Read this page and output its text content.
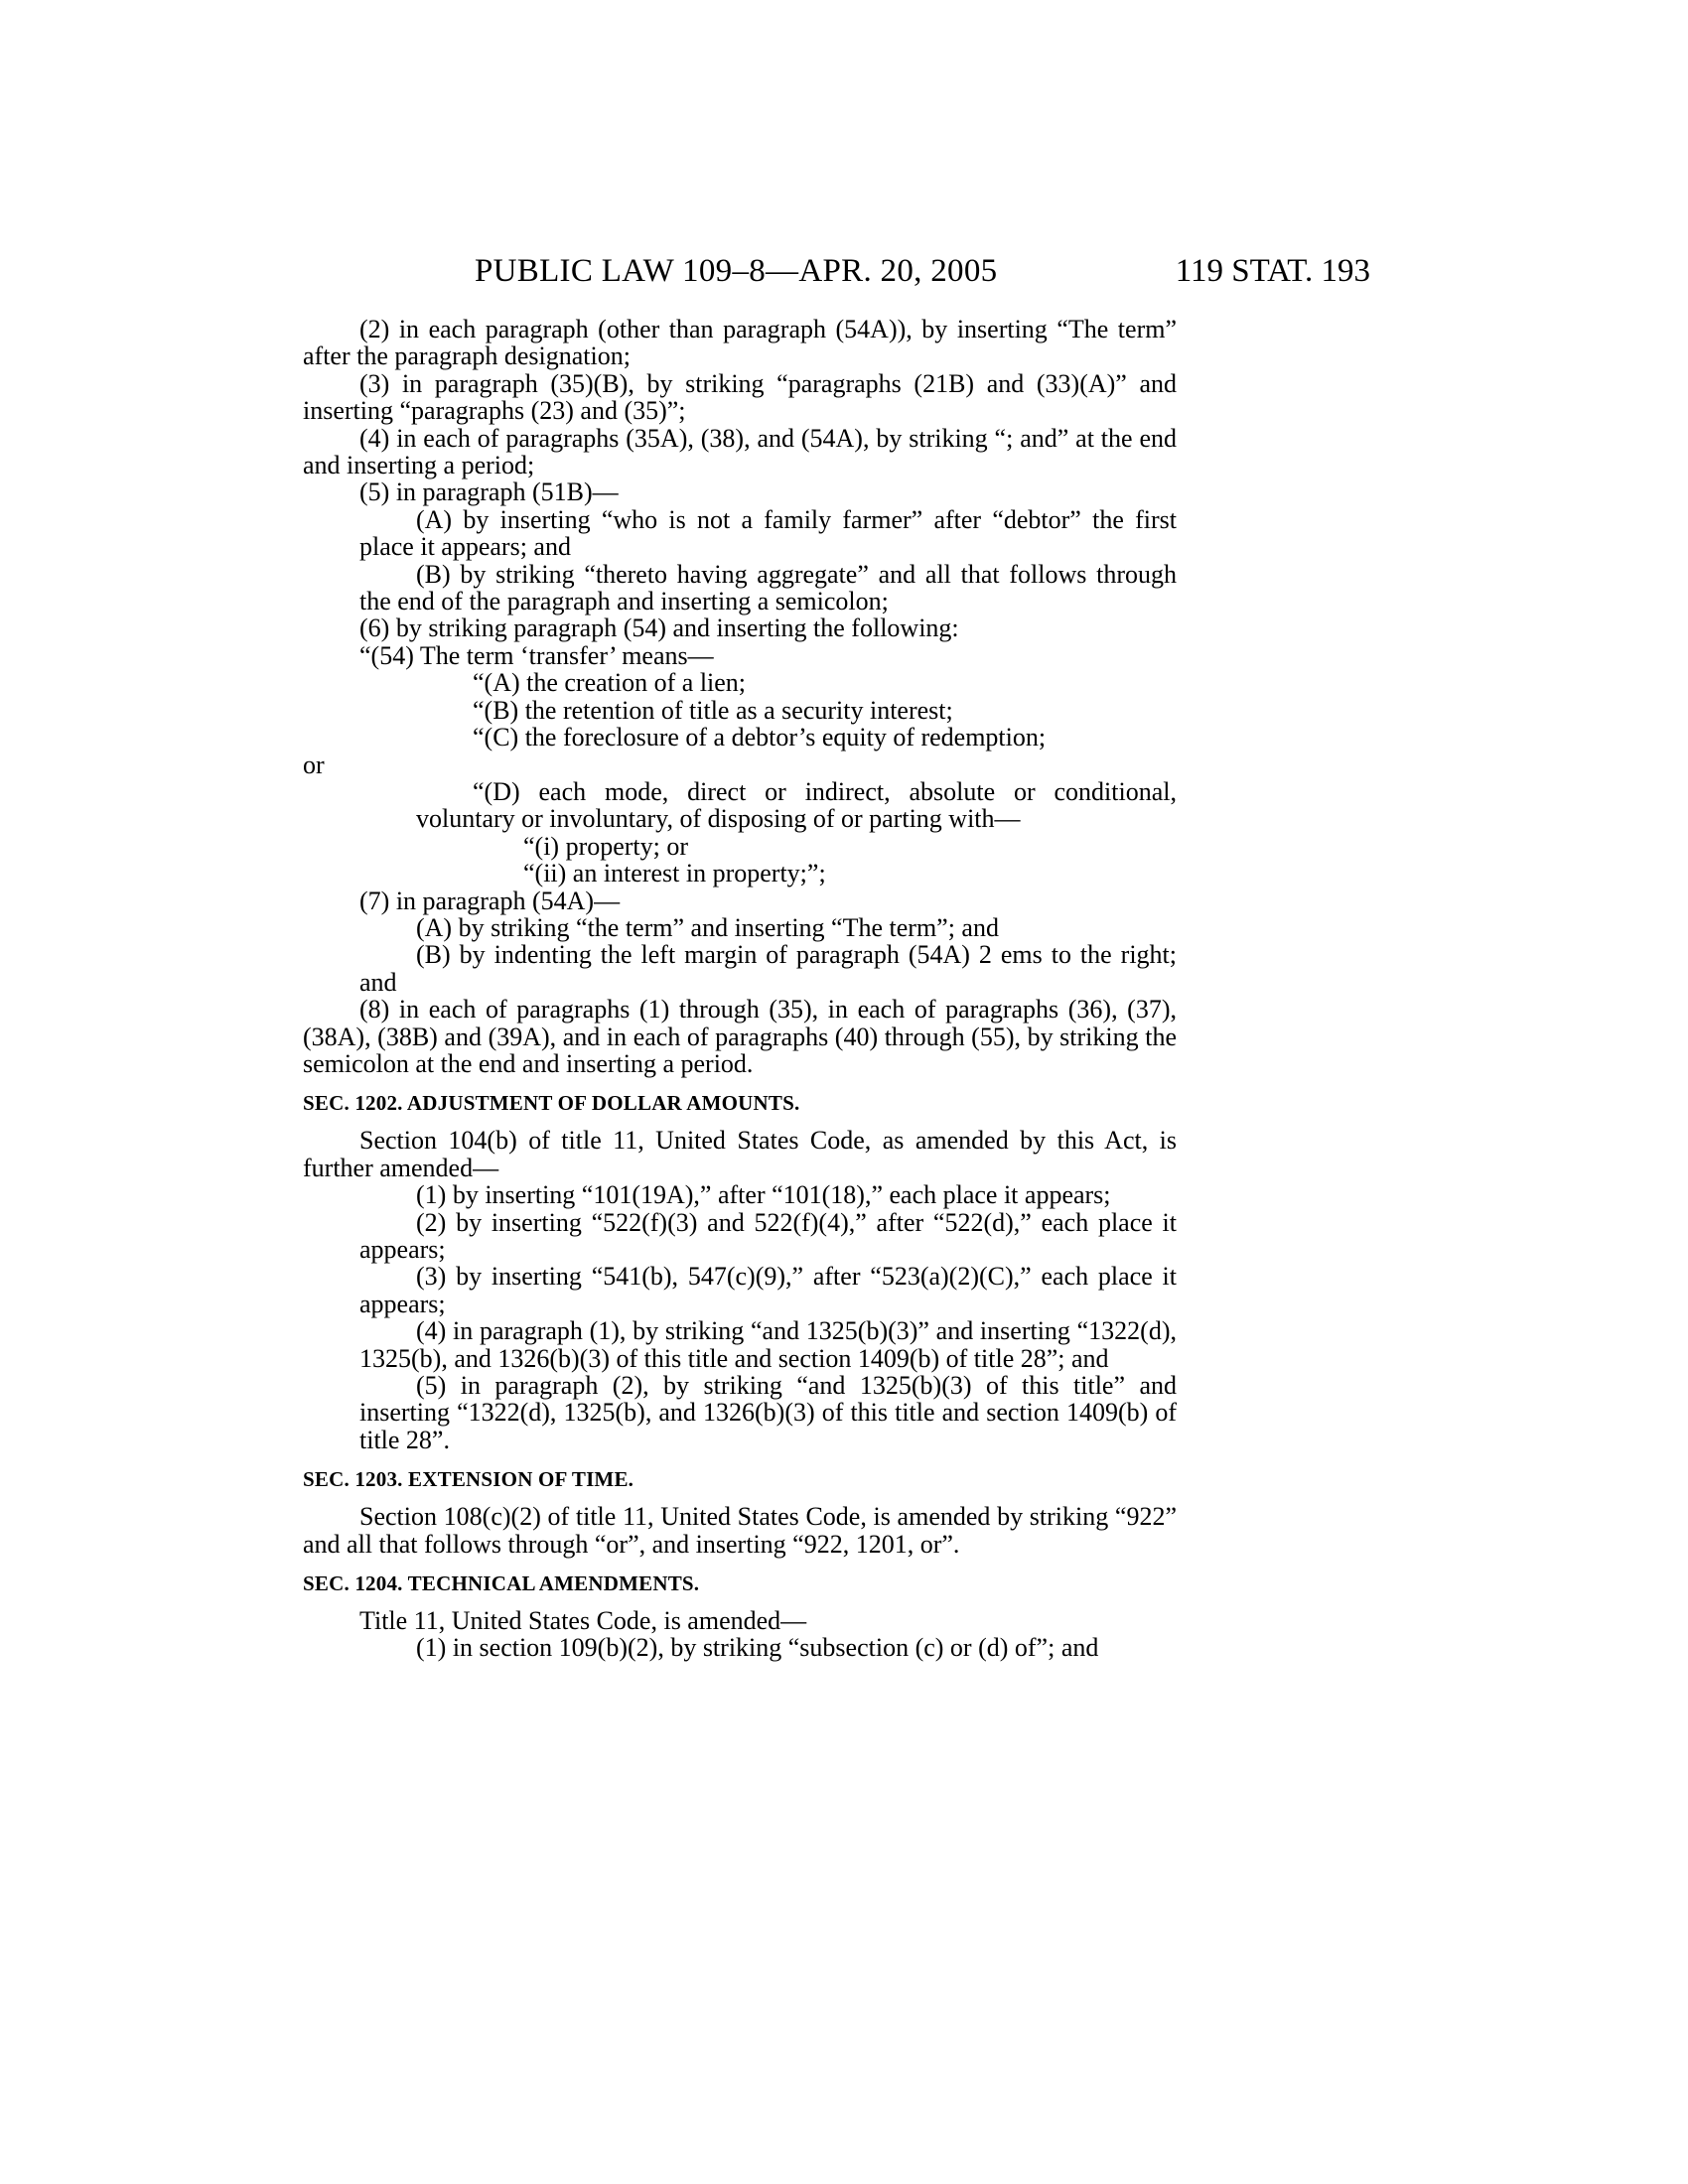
PUBLIC LAW 109–8—APR. 20, 2005	119 STAT. 193

(2) in each paragraph (other than paragraph (54A)), by inserting “The term” after the paragraph designation;

(3) in paragraph (35)(B), by striking “paragraphs (21B) and (33)(A)” and inserting “paragraphs (23) and (35)”;

(4) in each of paragraphs (35A), (38), and (54A), by striking “; and” at the end and inserting a period;

(5) in paragraph (51B)—

(A) by inserting “who is not a family farmer” after “debtor” the first place it appears; and

(B) by striking “thereto having aggregate” and all that follows through the end of the paragraph and inserting a semicolon;

(6) by striking paragraph (54) and inserting the following:

“(54) The term ‘transfer’ means—

“(A) the creation of a lien;

“(B) the retention of title as a security interest;

“(C) the foreclosure of a debtor’s equity of redemption;

or

“(D) each mode, direct or indirect, absolute or conditional, voluntary or involuntary, of disposing of or parting with—

“(i) property; or

“(ii) an interest in property;”;

(7) in paragraph (54A)—

(A) by striking “the term” and inserting “The term”; and

(B) by indenting the left margin of paragraph (54A) 2 ems to the right; and

(8) in each of paragraphs (1) through (35), in each of paragraphs (36), (37), (38A), (38B) and (39A), and in each of paragraphs (40) through (55), by striking the semicolon at the end and inserting a period.

SEC. 1202. ADJUSTMENT OF DOLLAR AMOUNTS.

Section 104(b) of title 11, United States Code, as amended by this Act, is further amended—

(1) by inserting “101(19A),” after “101(18),” each place it appears;

(2) by inserting “522(f)(3) and 522(f)(4),” after “522(d),” each place it appears;

(3) by inserting “541(b), 547(c)(9),” after “523(a)(2)(C),” each place it appears;

(4) in paragraph (1), by striking “and 1325(b)(3)” and inserting “1322(d), 1325(b), and 1326(b)(3) of this title and section 1409(b) of title 28”; and

(5) in paragraph (2), by striking “and 1325(b)(3) of this title” and inserting “1322(d), 1325(b), and 1326(b)(3) of this title and section 1409(b) of title 28”.

SEC. 1203. EXTENSION OF TIME.

Section 108(c)(2) of title 11, United States Code, is amended by striking “922” and all that follows through “or”, and inserting “922, 1201, or”.

SEC. 1204. TECHNICAL AMENDMENTS.

Title 11, United States Code, is amended—

(1) in section 109(b)(2), by striking “subsection (c) or (d) of”; and
